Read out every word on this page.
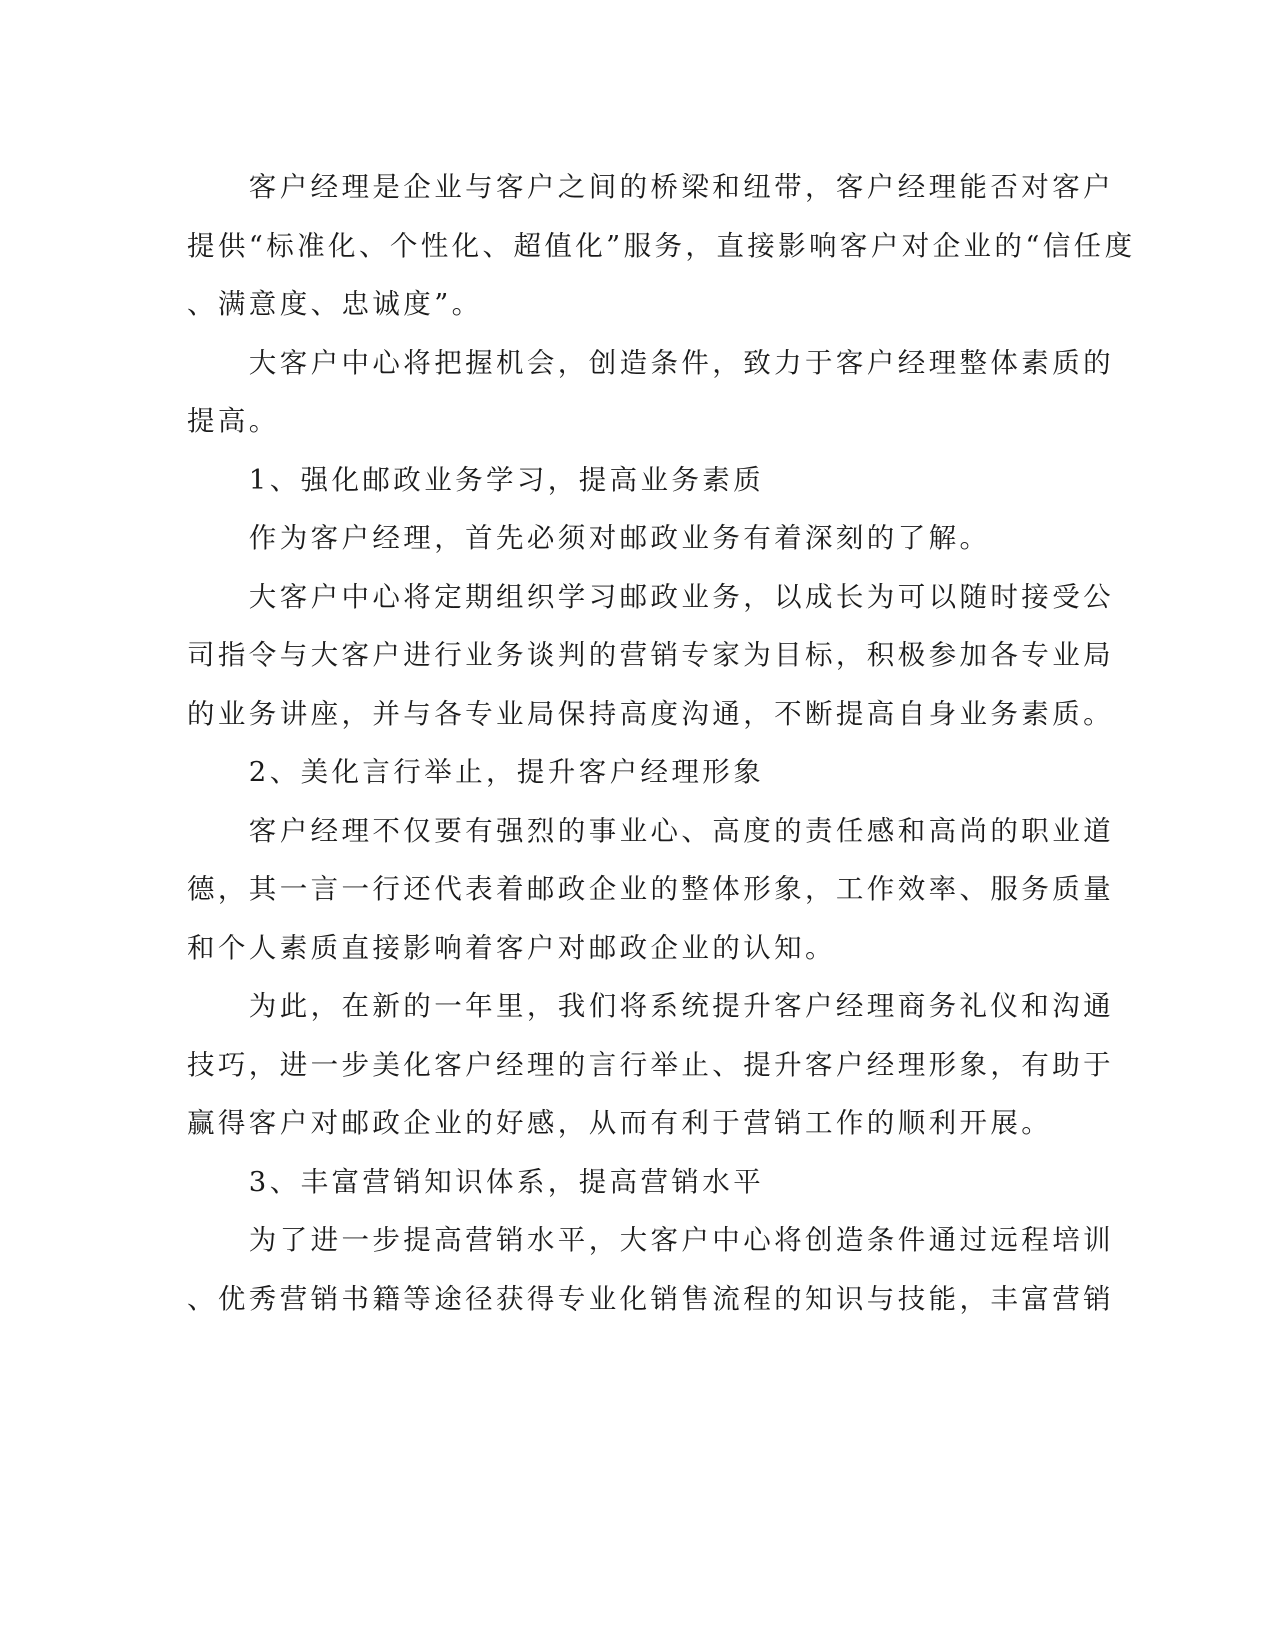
　　客户经理是企业与客户之间的桥梁和纽带，客户经理能否对客户

提供“标准化、个性化、超值化”服务，直接影响客户对企业的“信任度

、满意度、忠诚度”。

　　大客户中心将把握机会，创造条件，致力于客户经理整体素质的

提高。

　　1、强化邮政业务学习，提高业务素质

　　作为客户经理，首先必须对邮政业务有着深刻的了解。

　　大客户中心将定期组织学习邮政业务，以成长为可以随时接受公

司指令与大客户进行业务谈判的营销专家为目标，积极参加各专业局

的业务讲座，并与各专业局保持高度沟通，不断提高自身业务素质。

　　2、美化言行举止，提升客户经理形象

　　客户经理不仅要有强烈的事业心、高度的责任感和高尚的职业道

德，其一言一行还代表着邮政企业的整体形象，工作效率、服务质量

和个人素质直接影响着客户对邮政企业的认知。

　　为此，在新的一年里，我们将系统提升客户经理商务礼仪和沟通

技巧，进一步美化客户经理的言行举止、提升客户经理形象，有助于

赢得客户对邮政企业的好感，从而有利于营销工作的顺利开展。

　　3、丰富营销知识体系，提高营销水平

　　为了进一步提高营销水平，大客户中心将创造条件通过远程培训

、优秀营销书籍等途径获得专业化销售流程的知识与技能，丰富营销
